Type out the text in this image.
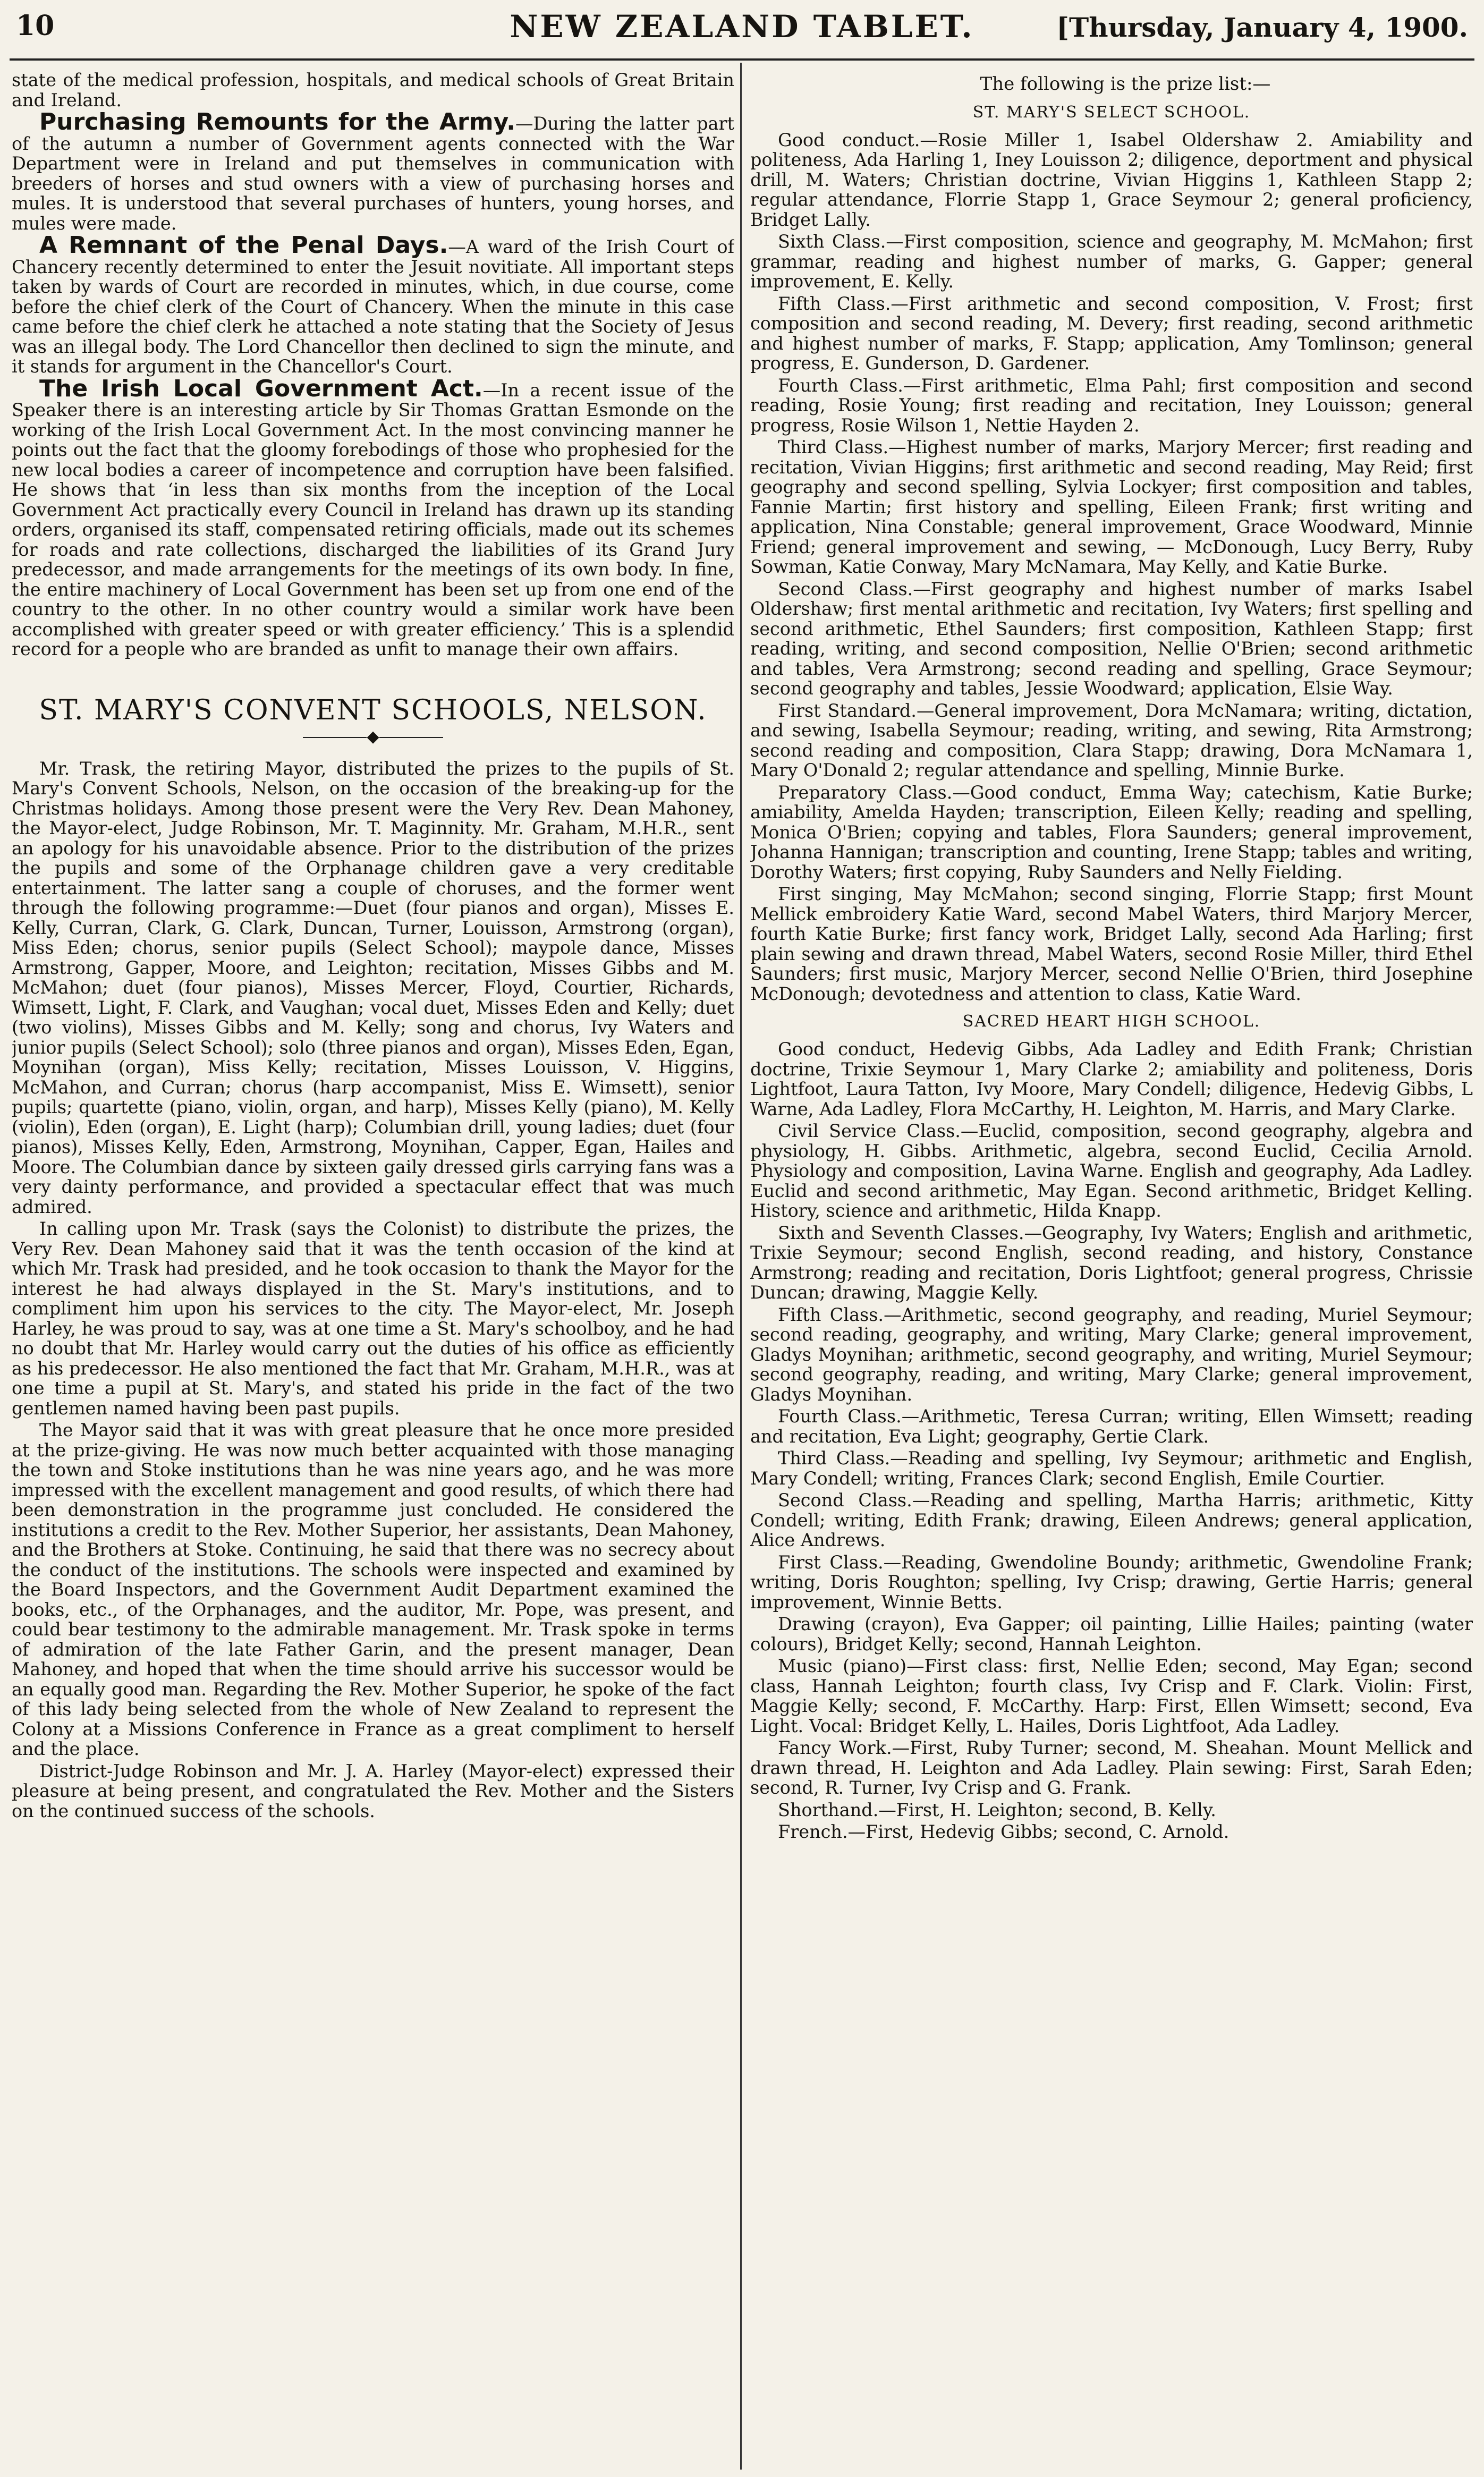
10	NEW ZEALAND TABLET.	[Thursday, January 4, 1900.

state of the medical profession, hospitals, and medical schools of Great Britain and Ireland.

Purchasing Remounts for the Army.—During the latter part of the autumn a number of Government agents connected with the War Department were in Ireland and put themselves in communication with breeders of horses and stud owners with a view of purchasing horses and mules. It is understood that several purchases of hunters, young horses, and mules were made.

A Remnant of the Penal Days.—A ward of the Irish Court of Chancery recently determined to enter the Jesuit novitiate. All important steps taken by wards of Court are recorded in minutes, which, in due course, come before the chief clerk of the Court of Chancery. When the minute in this case came before the chief clerk he attached a note stating that the Society of Jesus was an illegal body. The Lord Chancellor then declined to sign the minute, and it stands for argument in the Chancellor's Court.

The Irish Local Government Act.—In a recent issue of the Speaker there is an interesting article by Sir Thomas Grattan Esmonde on the working of the Irish Local Government Act. In the most convincing manner he points out the fact that the gloomy forebodings of those who prophesied for the new local bodies a career of incompetence and corruption have been falsified. He shows that ‘in less than six months from the inception of the Local Government Act practically every Council in Ireland has drawn up its standing orders, organised its staff, compensated retiring officials, made out its schemes for roads and rate collections, discharged the liabilities of its Grand Jury predecessor, and made arrangements for the meetings of its own body. In fine, the entire machinery of Local Government has been set up from one end of the country to the other. In no other country would a similar work have been accomplished with greater speed or with greater efficiency.’ This is a splendid record for a people who are branded as unfit to manage their own affairs.

ST. MARY'S CONVENT SCHOOLS, NELSON.
◆

Mr. Trask, the retiring Mayor, distributed the prizes to the pupils of St. Mary's Convent Schools, Nelson, on the occasion of the breaking-up for the Christmas holidays. Among those present were the Very Rev. Dean Mahoney, the Mayor-elect, Judge Robinson, Mr. T. Maginnity. Mr. Graham, M.H.R., sent an apology for his unavoidable absence. Prior to the distribution of the prizes the pupils and some of the Orphanage children gave a very creditable entertainment. The latter sang a couple of choruses, and the former went through the following programme:—Duet (four pianos and organ), Misses E. Kelly, Curran, Clark, G. Clark, Duncan, Turner, Louisson, Armstrong (organ), Miss Eden; chorus, senior pupils (Select School); maypole dance, Misses Armstrong, Gapper, Moore, and Leighton; recitation, Misses Gibbs and M. McMahon; duet (four pianos), Misses Mercer, Floyd, Courtier, Richards, Wimsett, Light, F. Clark, and Vaughan; vocal duet, Misses Eden and Kelly; duet (two violins), Misses Gibbs and M. Kelly; song and chorus, Ivy Waters and junior pupils (Select School); solo (three pianos and organ), Misses Eden, Egan, Moynihan (organ), Miss Kelly; recitation, Misses Louisson, V. Higgins, McMahon, and Curran; chorus (harp accompanist, Miss E. Wimsett), senior pupils; quartette (piano, violin, organ, and harp), Misses Kelly (piano), M. Kelly (violin), Eden (organ), E. Light (harp); Columbian drill, young ladies; duet (four pianos), Misses Kelly, Eden, Armstrong, Moynihan, Capper, Egan, Hailes and Moore. The Columbian dance by sixteen gaily dressed girls carrying fans was a very dainty performance, and provided a spectacular effect that was much admired.

In calling upon Mr. Trask (says the Colonist) to distribute the prizes, the Very Rev. Dean Mahoney said that it was the tenth occasion of the kind at which Mr. Trask had presided, and he took occasion to thank the Mayor for the interest he had always displayed in the St. Mary's institutions, and to compliment him upon his services to the city. The Mayor-elect, Mr. Joseph Harley, he was proud to say, was at one time a St. Mary's schoolboy, and he had no doubt that Mr. Harley would carry out the duties of his office as efficiently as his predecessor. He also mentioned the fact that Mr. Graham, M.H.R., was at one time a pupil at St. Mary's, and stated his pride in the fact of the two gentlemen named having been past pupils.

The Mayor said that it was with great pleasure that he once more presided at the prize-giving. He was now much better acquainted with those managing the town and Stoke institutions than he was nine years ago, and he was more impressed with the excellent management and good results, of which there had been demonstration in the programme just concluded. He considered the institutions a credit to the Rev. Mother Superior, her assistants, Dean Mahoney, and the Brothers at Stoke. Continuing, he said that there was no secrecy about the conduct of the institutions. The schools were inspected and examined by the Board Inspectors, and the Government Audit Department examined the books, etc., of the Orphanages, and the auditor, Mr. Pope, was present, and could bear testimony to the admirable management. Mr. Trask spoke in terms of admiration of the late Father Garin, and the present manager, Dean Mahoney, and hoped that when the time should arrive his successor would be an equally good man. Regarding the Rev. Mother Superior, he spoke of the fact of this lady being selected from the whole of New Zealand to represent the Colony at a Missions Conference in France as a great compliment to herself and the place.

District-Judge Robinson and Mr. J. A. Harley (Mayor-elect) expressed their pleasure at being present, and congratulated the Rev. Mother and the Sisters on the continued success of the schools.

The following is the prize list:—

ST. MARY'S SELECT SCHOOL.

Good conduct.—Rosie Miller 1, Isabel Oldershaw 2. Amiability and politeness, Ada Harling 1, Iney Louisson 2; diligence, deportment and physical drill, M. Waters; Christian doctrine, Vivian Higgins 1, Kathleen Stapp 2; regular attendance, Florrie Stapp 1, Grace Seymour 2; general proficiency, Bridget Lally.

Sixth Class.—First composition, science and geography, M. McMahon; first grammar, reading and highest number of marks, G. Gapper; general improvement, E. Kelly.

Fifth Class.—First arithmetic and second composition, V. Frost; first composition and second reading, M. Devery; first reading, second arithmetic and highest number of marks, F. Stapp; application, Amy Tomlinson; general progress, E. Gunderson, D. Gardener.

Fourth Class.—First arithmetic, Elma Pahl; first composition and second reading, Rosie Young; first reading and recitation, Iney Louisson; general progress, Rosie Wilson 1, Nettie Hayden 2.

Third Class.—Highest number of marks, Marjory Mercer; first reading and recitation, Vivian Higgins; first arithmetic and second reading, May Reid; first geography and second spelling, Sylvia Lockyer; first composition and tables, Fannie Martin; first history and spelling, Eileen Frank; first writing and application, Nina Constable; general improvement, Grace Woodward, Minnie Friend; general improvement and sewing, — McDonough, Lucy Berry, Ruby Sowman, Katie Conway, Mary McNamara, May Kelly, and Katie Burke.

Second Class.—First geography and highest number of marks Isabel Oldershaw; first mental arithmetic and recitation, Ivy Waters; first spelling and second arithmetic, Ethel Saunders; first composition, Kathleen Stapp; first reading, writing, and second composition, Nellie O'Brien; second arithmetic and tables, Vera Armstrong; second reading and spelling, Grace Seymour; second geography and tables, Jessie Woodward; application, Elsie Way.

First Standard.—General improvement, Dora McNamara; writing, dictation, and sewing, Isabella Seymour; reading, writing, and sewing, Rita Armstrong; second reading and composition, Clara Stapp; drawing, Dora McNamara 1, Mary O'Donald 2; regular attendance and spelling, Minnie Burke.

Preparatory Class.—Good conduct, Emma Way; catechism, Katie Burke; amiability, Amelda Hayden; transcription, Eileen Kelly; reading and spelling, Monica O'Brien; copying and tables, Flora Saunders; general improvement, Johanna Hannigan; transcription and counting, Irene Stapp; tables and writing, Dorothy Waters; first copying, Ruby Saunders and Nelly Fielding.

First singing, May McMahon; second singing, Florrie Stapp; first Mount Mellick embroidery Katie Ward, second Mabel Waters, third Marjory Mercer, fourth Katie Burke; first fancy work, Bridget Lally, second Ada Harling; first plain sewing and drawn thread, Mabel Waters, second Rosie Miller, third Ethel Saunders; first music, Marjory Mercer, second Nellie O'Brien, third Josephine McDonough; devotedness and attention to class, Katie Ward.

SACRED HEART HIGH SCHOOL.

Good conduct, Hedevig Gibbs, Ada Ladley and Edith Frank; Christian doctrine, Trixie Seymour 1, Mary Clarke 2; amiability and politeness, Doris Lightfoot, Laura Tatton, Ivy Moore, Mary Condell; diligence, Hedevig Gibbs, L Warne, Ada Ladley, Flora McCarthy, H. Leighton, M. Harris, and Mary Clarke.

Civil Service Class.—Euclid, composition, second geography, algebra and physiology, H. Gibbs. Arithmetic, algebra, second Euclid, Cecilia Arnold. Physiology and composition, Lavina Warne. English and geography, Ada Ladley. Euclid and second arithmetic, May Egan. Second arithmetic, Bridget Kelling. History, science and arithmetic, Hilda Knapp.

Sixth and Seventh Classes.—Geography, Ivy Waters; English and arithmetic, Trixie Seymour; second English, second reading, and history, Constance Armstrong; reading and recitation, Doris Lightfoot; general progress, Chrissie Duncan; drawing, Maggie Kelly.

Fifth Class.—Arithmetic, second geography, and reading, Muriel Seymour; second reading, geography, and writing, Mary Clarke; general improvement, Gladys Moynihan; arithmetic, second geography, and writing, Muriel Seymour; second geography, reading, and writing, Mary Clarke; general improvement, Gladys Moynihan.

Fourth Class.—Arithmetic, Teresa Curran; writing, Ellen Wimsett; reading and recitation, Eva Light; geography, Gertie Clark.

Third Class.—Reading and spelling, Ivy Seymour; arithmetic and English, Mary Condell; writing, Frances Clark; second English, Emile Courtier.

Second Class.—Reading and spelling, Martha Harris; arithmetic, Kitty Condell; writing, Edith Frank; drawing, Eileen Andrews; general application, Alice Andrews.

First Class.—Reading, Gwendoline Boundy; arithmetic, Gwendoline Frank; writing, Doris Roughton; spelling, Ivy Crisp; drawing, Gertie Harris; general improvement, Winnie Betts.

Drawing (crayon), Eva Gapper; oil painting, Lillie Hailes; painting (water colours), Bridget Kelly; second, Hannah Leighton.

Music (piano)—First class: first, Nellie Eden; second, May Egan; second class, Hannah Leighton; fourth class, Ivy Crisp and F. Clark. Violin: First, Maggie Kelly; second, F. McCarthy. Harp: First, Ellen Wimsett; second, Eva Light. Vocal: Bridget Kelly, L. Hailes, Doris Lightfoot, Ada Ladley.

Fancy Work.—First, Ruby Turner; second, M. Sheahan. Mount Mellick and drawn thread, H. Leighton and Ada Ladley. Plain sewing: First, Sarah Eden; second, R. Turner, Ivy Crisp and G. Frank.

Shorthand.—First, H. Leighton; second, B. Kelly.

French.—First, Hedevig Gibbs; second, C. Arnold.
